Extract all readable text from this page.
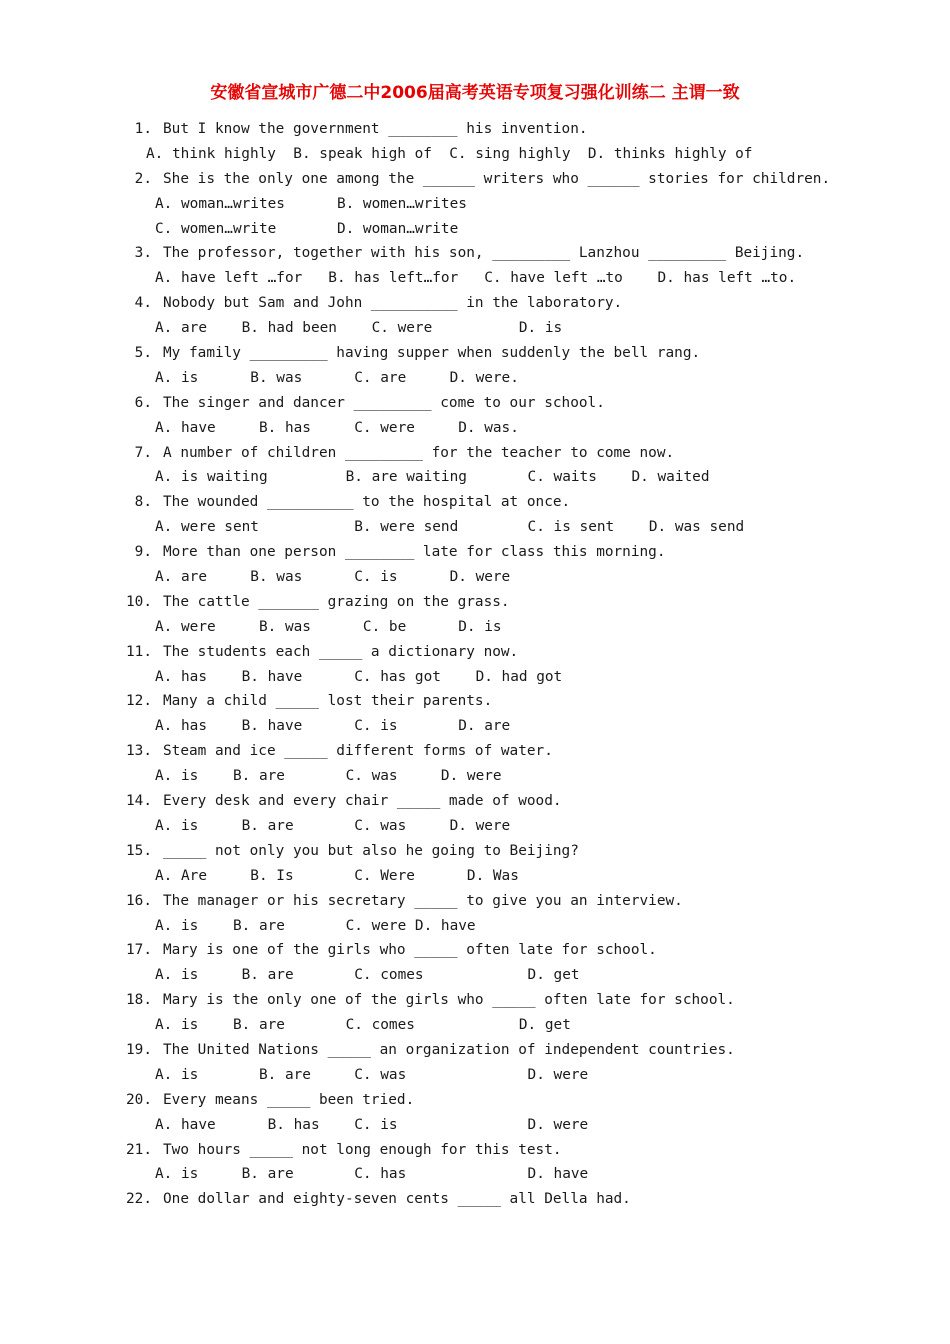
安徽省宣城市广德二中2006届高考英语专项复习强化训练二 主谓一致
1. But I know the government ________ his invention.
A. think highly  B. speak high of  C. sing highly  D. thinks highly of
2. She is the only one among the ______ writers who ______ stories for children.
A. woman…writes      B. women…writes
C. women…write       D. woman…write
3. The professor, together with his son, _________ Lanzhou _________ Beijing.
A. have left …for   B. has left…for   C. have left …to    D. has left …to.
4. Nobody but Sam and John __________ in the laboratory.
A. are    B. had been    C. were          D. is
5. My family _________ having supper when suddenly the bell rang.
A. is      B. was      C. are     D. were.
6. The singer and dancer _________ come to our school.
A. have     B. has     C. were     D. was.
7. A number of children _________ for the teacher to come now.
A. is waiting         B. are waiting       C. waits    D. waited
8. The wounded __________ to the hospital at once.
A. were sent           B. were send        C. is sent    D. was send
9. More than one person ________ late for class this morning.
A. are     B. was      C. is      D. were
10. The cattle _______ grazing on the grass.
A. were     B. was      C. be      D. is
11. The students each _____ a dictionary now.
A. has    B. have      C. has got    D. had got
12. Many a child _____ lost their parents.
A. has    B. have      C. is       D. are
13. Steam and ice _____ different forms of water.
A. is    B. are       C. was     D. were
14. Every desk and every chair _____ made of wood.
A. is     B. are       C. was     D. were
15. _____ not only you but also he going to Beijing?
A. Are     B. Is       C. Were      D. Was
16. The manager or his secretary _____ to give you an interview.
A. is    B. are       C. were D. have
17. Mary is one of the girls who _____ often late for school.
A. is     B. are       C. comes            D. get
18. Mary is the only one of the girls who _____ often late for school.
A. is    B. are       C. comes            D. get
19. The United Nations _____ an organization of independent countries.
A. is       B. are     C. was              D. were
20. Every means _____ been tried.
A. have      B. has    C. is               D. were
21. Two hours _____ not long enough for this test.
A. is     B. are       C. has              D. have
22. One dollar and eighty-seven cents _____ all Della had.
